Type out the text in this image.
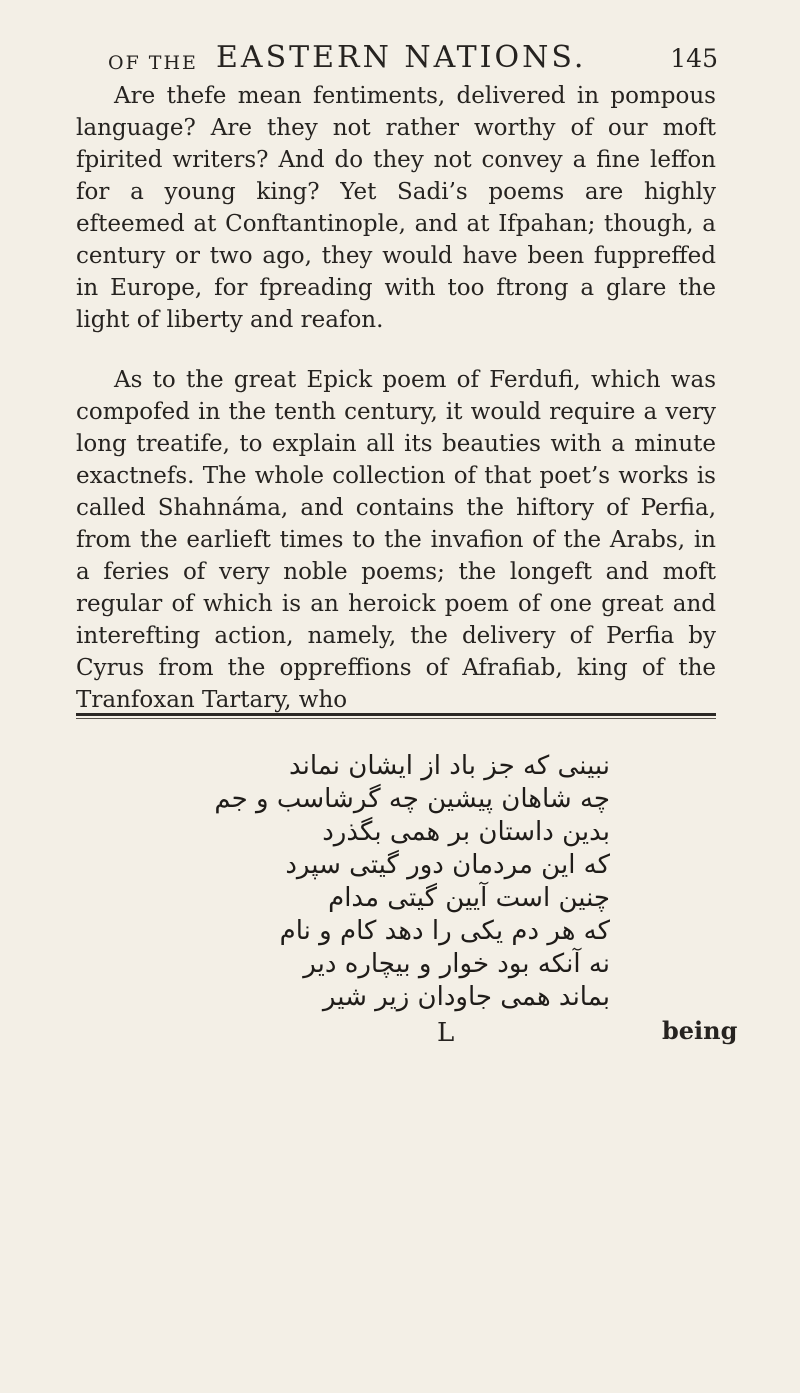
OF THE EASTERN NATIONS.	145

Are thefe mean fentiments, delivered in pompous language? Are they not rather worthy of our moft fpirited writers? And do they not convey a fine leffon for a young king? Yet Sadi’s poems are highly efteemed at Conftantinople, and at Ifpahan; though, a century or two ago, they would have been fuppreffed in Europe, for fpreading with too ftrong a glare the light of liberty and reafon.

As to the great Epick poem of Ferdufi, which was compofed in the tenth century, it would require a very long treatife, to explain all its beauties with a minute exactnefs. The whole collection of that poet’s works is called Shahnáma, and contains the hiftory of Perfia, from the earlieft times to the invafion of the Arabs, in a feries of very noble poems; the longeft and moft regular of which is an heroick poem of one great and interefting action, namely, the delivery of Perfia by Cyrus from the oppreffions of Afrafiab, king of the Tranfoxan Tartary, who

نبینی که جز باد از ایشان نماند
چه شاهان پیشین چه گرشاسب و جم
بدین داستان بر همی بگذرد
که این مردمان دور گیتی سپرد
چنین است آیین گیتی مدام
که هر دم یکی را دهد کام و نام
نه آنکه بود خوار و بیچاره دیر
بماند همی جاودان زیر شیر
L	being
